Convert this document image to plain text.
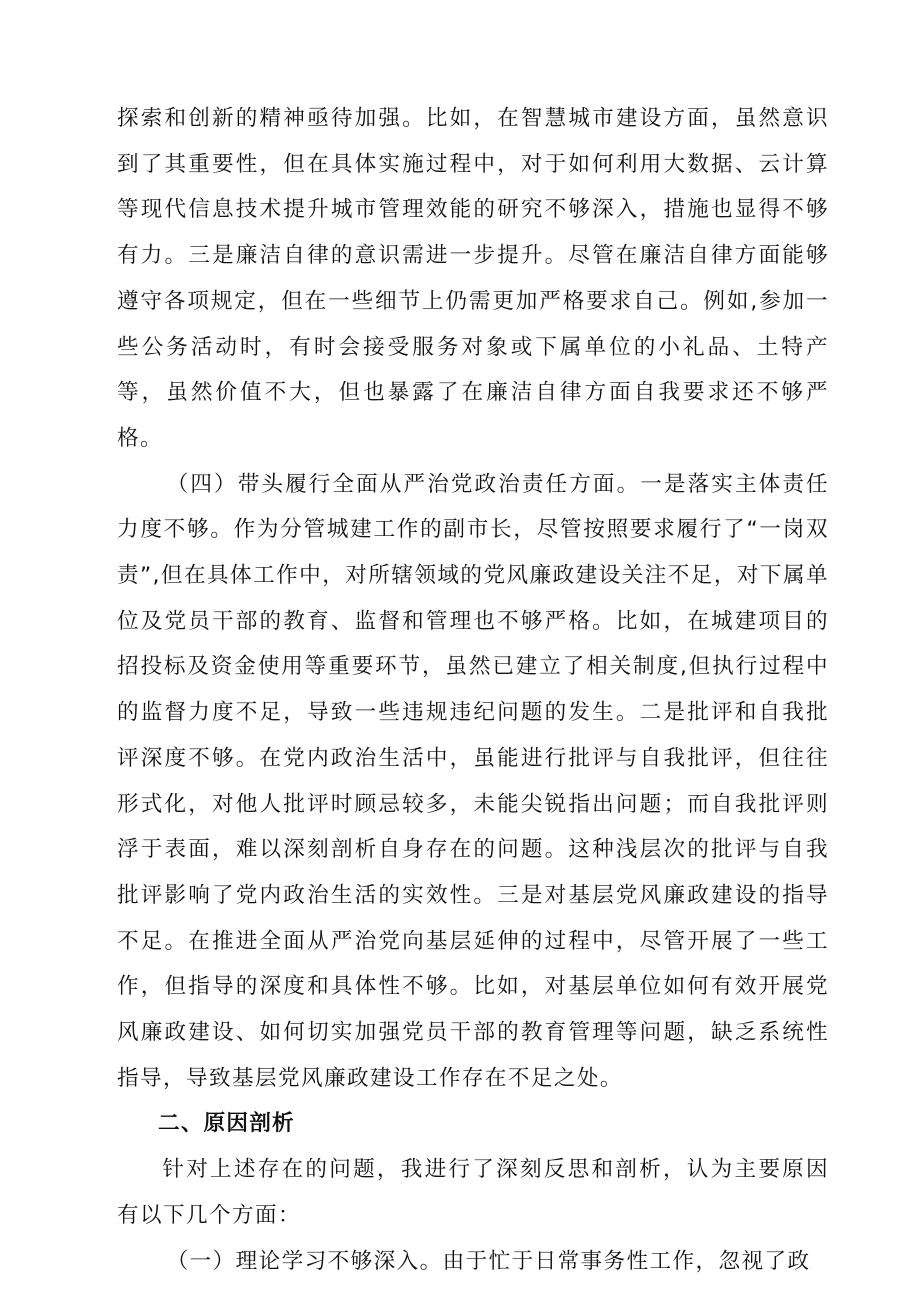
探索和创新的精神亟待加强。比如，在智慧城市建设方面，虽然意识到了其重要性，但在具体实施过程中，对于如何利用大数据、云计算等现代信息技术提升城市管理效能的研究不够深入，措施也显得不够有力。三是廉洁自律的意识需进一步提升。尽管在廉洁自律方面能够遵守各项规定，但在一些细节上仍需更加严格要求自己。例如,参加一些公务活动时，有时会接受服务对象或下属单位的小礼品、土特产等，虽然价值不大，但也暴露了在廉洁自律方面自我要求还不够严格。

（四）带头履行全面从严治党政治责任方面。一是落实主体责任力度不够。作为分管城建工作的副市长，尽管按照要求履行了“一岗双责”,但在具体工作中，对所辖领域的党风廉政建设关注不足，对下属单位及党员干部的教育、监督和管理也不够严格。比如，在城建项目的招投标及资金使用等重要环节，虽然已建立了相关制度,但执行过程中的监督力度不足，导致一些违规违纪问题的发生。二是批评和自我批评深度不够。在党内政治生活中，虽能进行批评与自我批评，但往往形式化，对他人批评时顾忌较多，未能尖锐指出问题；而自我批评则浮于表面，难以深刻剖析自身存在的问题。这种浅层次的批评与自我批评影响了党内政治生活的实效性。三是对基层党风廉政建设的指导不足。在推进全面从严治党向基层延伸的过程中，尽管开展了一些工作，但指导的深度和具体性不够。比如，对基层单位如何有效开展党风廉政建设、如何切实加强党员干部的教育管理等问题，缺乏系统性指导，导致基层党风廉政建设工作存在不足之处。

二、原因剖析

针对上述存在的问题，我进行了深刻反思和剖析，认为主要原因有以下几个方面：

（一）理论学习不够深入。由于忙于日常事务性工作，忽视了政
